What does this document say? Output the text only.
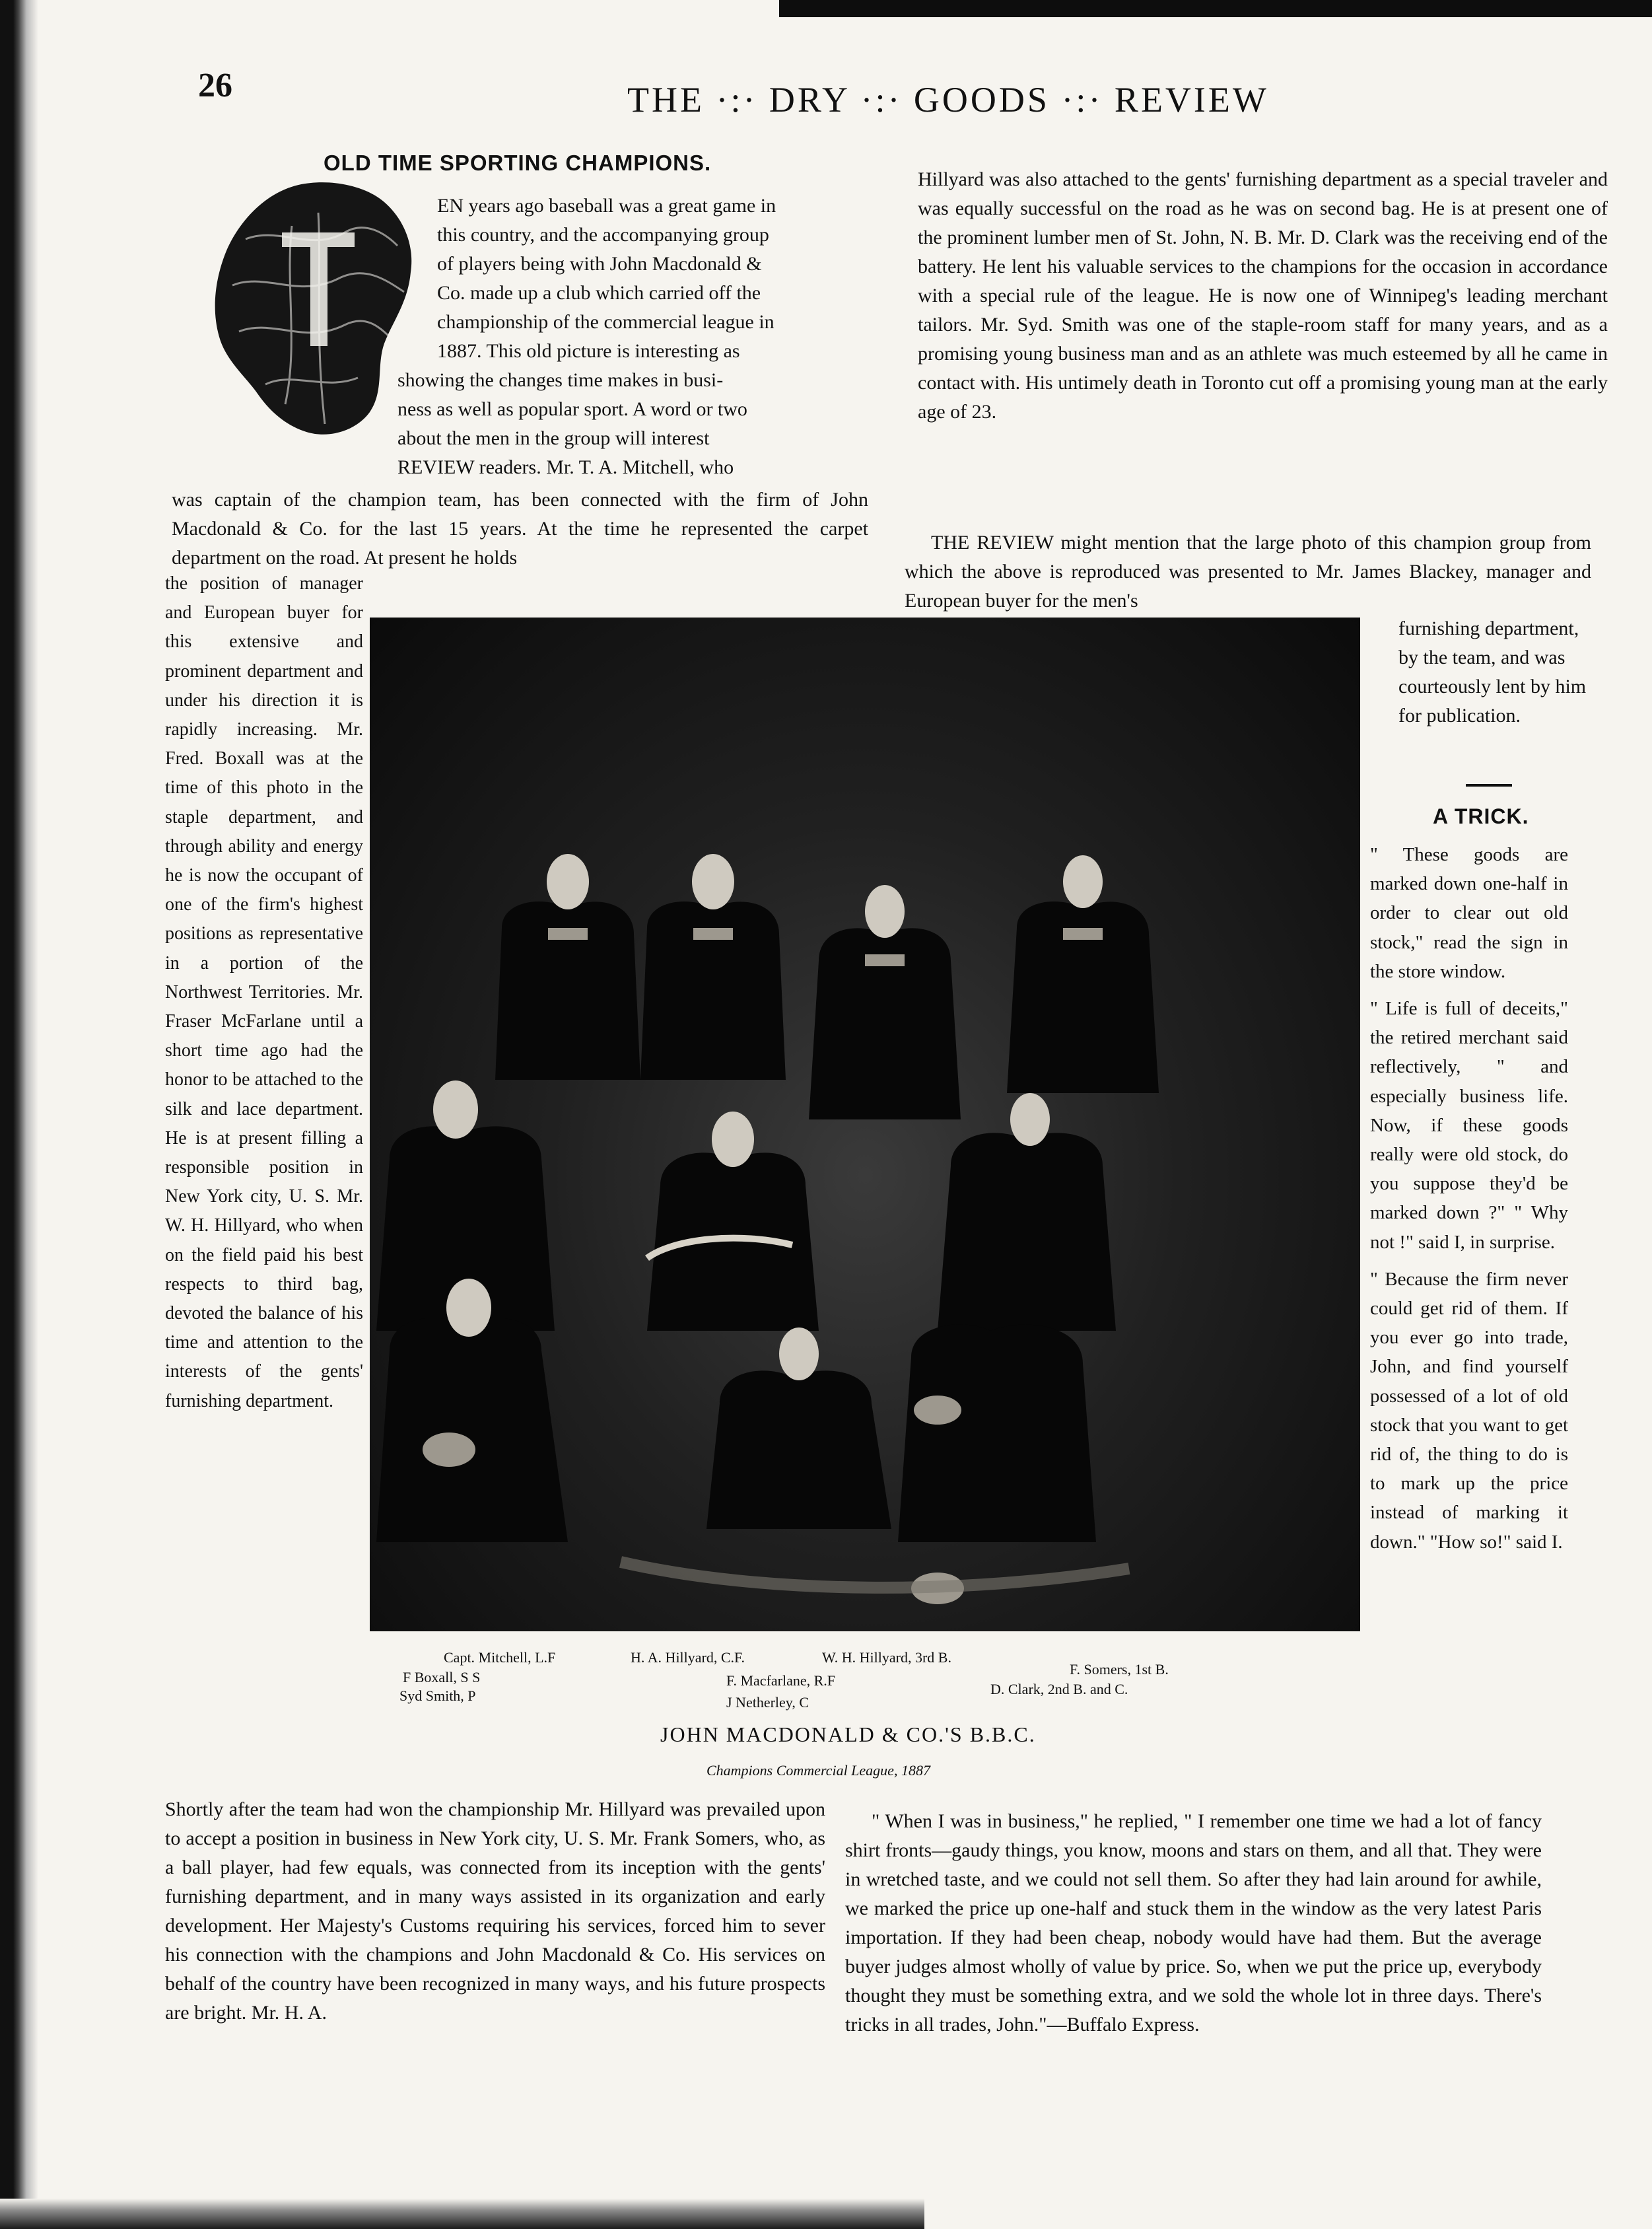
26	THE ·:· DRY ·:· GOODS ·:· REVIEW
OLD TIME SPORTING CHAMPIONS.
EN years ago baseball was a great game in
this country, and the accompanying group
of players being with John Macdonald &
Co. made up a club which carried off the
championship of the commercial league in
1887. This old picture is interesting as
showing the changes time makes in busi-
ness as well as popular sport. A word or two
about the men in the group will interest
REVIEW readers. Mr. T. A. Mitchell, who
was captain of the champion team, has been connected with the firm of John Macdonald & Co. for the last 15 years. At the time he represented the carpet department on the road. At present he holds
the position of manager and European buyer for this extensive and prominent department and under his direction it is rapidly increasing. Mr. Fred. Boxall was at the time of this photo in the staple department, and through ability and energy he is now the occupant of one of the firm's highest positions as representative in a portion of the Northwest Territories. Mr. Fraser McFarlane until a short time ago had the honor to be attached to the silk and lace department. He is at present filling a responsible position in New York city, U. S. Mr. W. H. Hillyard, who when on the field paid his best respects to third bag, devoted the balance of his time and attention to the interests of the gents' furnishing department.
Capt. Mitchell, L.F	H. A. Hillyard, C.F.	W. H. Hillyard, 3rd B.
F. Somers, 1st B.
F Boxall, S S	F. Macfarlane, R.F
D. Clark, 2nd B. and C.
Syd Smith, P	J Netherley, C
JOHN MACDONALD & CO.'S B.B.C.
Champions Commercial League, 1887
Shortly after the team had won the championship Mr. Hillyard was prevailed upon to accept a position in business in New York city, U. S. Mr. Frank Somers, who, as a ball player, had few equals, was connected from its inception with the gents' furnishing department, and in many ways assisted in its organization and early development. Her Majesty's Customs requiring his services, forced him to sever his connection with the champions and John Macdonald & Co. His services on behalf of the country have been recognized in many ways, and his future prospects are bright. Mr. H. A.
Hillyard was also attached to the gents' furnishing department as a special traveler and was equally successful on the road as he was on second bag. He is at present one of the prominent lumber men of St. John, N. B. Mr. D. Clark was the receiving end of the battery. He lent his valuable services to the champions for the occasion in accordance with a special rule of the league. He is now one of Winnipeg's leading merchant tailors. Mr. Syd. Smith was one of the staple-room staff for many years, and as a promising young business man and as an athlete was much esteemed by all he came in contact with. His untimely death in Toronto cut off a promising young man at the early age of 23.
THE REVIEW might mention that the large photo of this champion group from which the above is reproduced was presented to Mr. James Blackey, manager and European buyer for the men's
furnishing department, by the team, and was courteously lent by him for publication.
A TRICK.

" These goods are marked down one-half in order to clear out old stock," read the sign in the store window.

" Life is full of deceits," the retired merchant said reflectively, " and especially business life. Now, if these goods really were old stock, do you suppose they'd be marked down ?" " Why not !" said I, in surprise.

" Because the firm never could get rid of them. If you ever go into trade, John, and find yourself possessed of a lot of old stock that you want to get rid of, the thing to do is to mark up the price instead of marking it down." "How so!" said I.

" When I was in business," he replied, " I remember one time we had a lot of fancy shirt fronts—gaudy things, you know, moons and stars on them, and all that. They were in wretched taste, and we could not sell them. So after they had lain around for awhile, we marked the price up one-half and stuck them in the window as the very latest Paris importation. If they had been cheap, nobody would have had them. But the average buyer judges almost wholly of value by price. So, when we put the price up, everybody thought they must be something extra, and we sold the whole lot in three days. There's tricks in all trades, John."—Buffalo Express.
